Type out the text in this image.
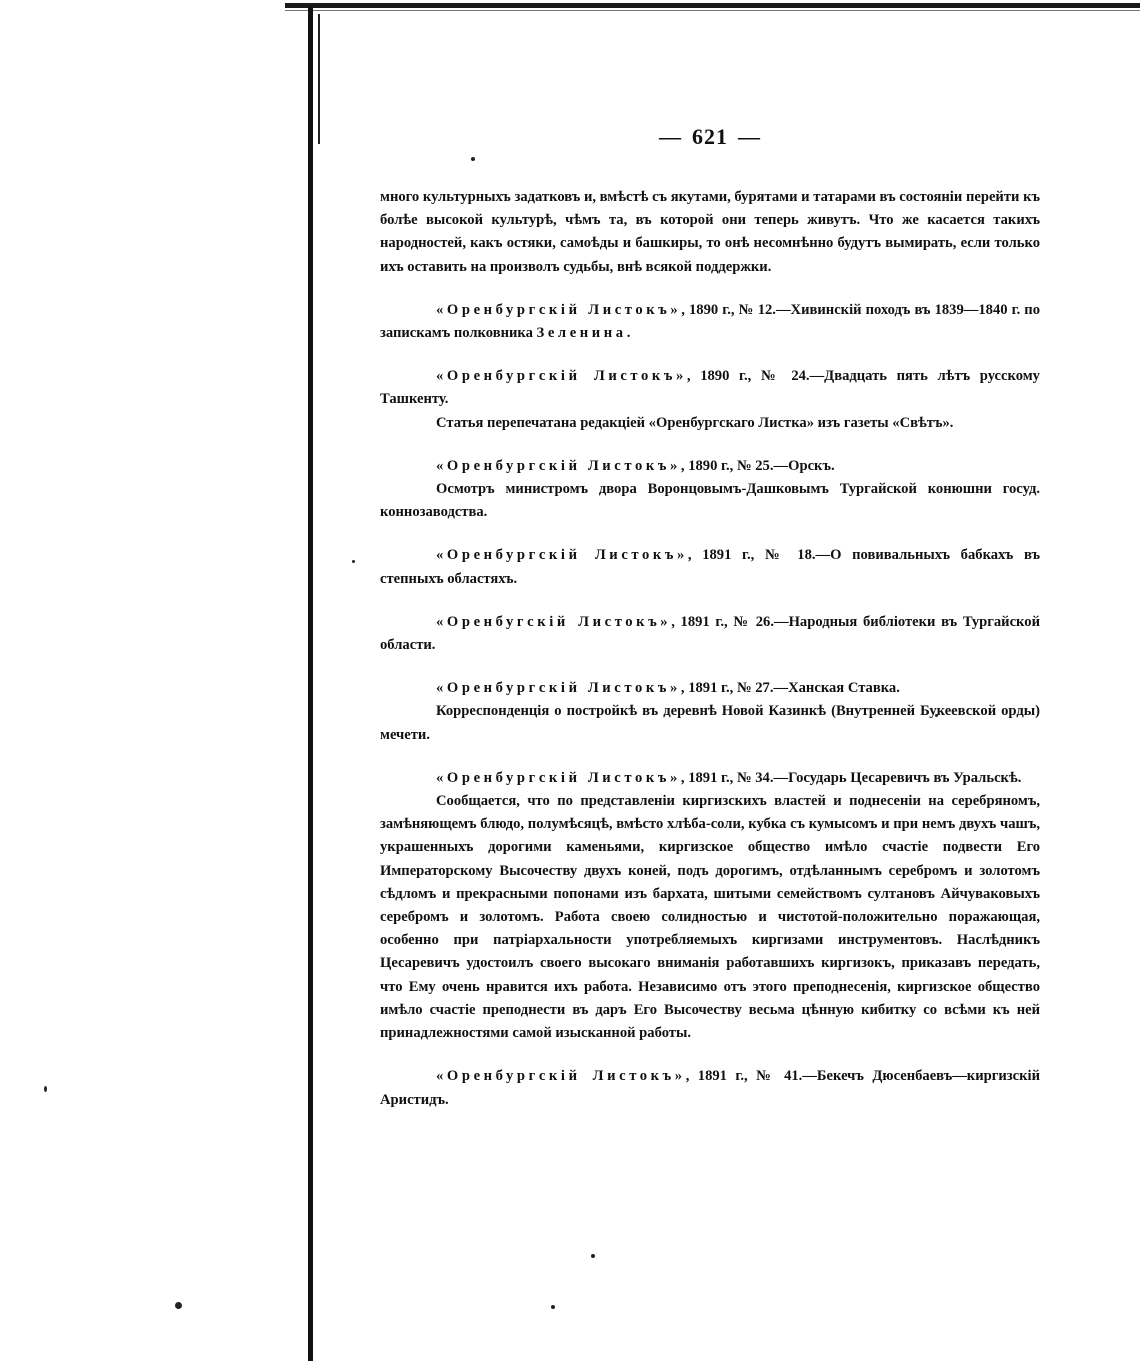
— 621 —

много культурныхъ задатковъ и, вмѣстѣ съ якутами, бурятами и татарами въ состояніи перейти къ болѣе высокой культурѣ, чѣмъ та, въ которой они теперь живутъ. Что же касается такихъ народностей, какъ остяки, самоѣды и башкиры, то онѣ несомнѣнно будутъ вымирать, если только ихъ оставить на произволъ судьбы, внѣ всякой поддержки.

«Оренбургскій Листокъ», 1890 г., № 12.—Хивинскій походъ въ 1839—1840 г. по запискамъ полковника Зеленина.

«Оренбургскій Листокъ», 1890 г., № 24.—Двадцать пять лѣтъ русскому Ташкенту.

Статья перепечатана редакціей «Оренбургскаго Листка» изъ газеты «Свѣтъ».

«Оренбургскій Листокъ», 1890 г., № 25.—Орскъ.

Осмотръ министромъ двора Воронцовымъ-Дашковымъ Тургайской конюшни госуд. коннозаводства.

«Оренбургскій Листокъ», 1891 г., № 18.—О повивальныхъ бабкахъ въ степныхъ областяхъ.

«Оренбугскій Листокъ», 1891 г., № 26.—Народныя библіотеки въ Тургайской области.

«Оренбургскій Листокъ», 1891 г., № 27.—Ханская Ставка.

Корреспонденція о постройкѣ въ деревнѣ Новой Казинкѣ (Внутренней Букеевской орды) мечети.

«Оренбургскій Листокъ», 1891 г., № 34.—Государь Цесаревичъ въ Уральскѣ.

Сообщается, что по представленіи киргизскихъ властей и поднесеніи на серебряномъ, замѣняющемъ блюдо, полумѣсяцѣ, вмѣсто хлѣба-соли, кубка съ кумысомъ и при немъ двухъ чашъ, украшенныхъ дорогими каменьями, киргизское общество имѣло счастіе подвести Его Императорскому Высочеству двухъ коней, подъ дорогимъ, отдѣланнымъ серебромъ и золотомъ сѣдломъ и прекрасными попонами изъ бархата, шитыми семействомъ султановъ Айчуваковыхъ серебромъ и золотомъ. Работа своею солидностью и чистотой-положительно поражающая, особенно при патріархальности употребляемыхъ киргизами инструментовъ. Наслѣдникъ Цесаревичъ удостоилъ своего высокаго вниманія работавшихъ киргизокъ, приказавъ передать, что Ему очень нравится ихъ работа. Независимо отъ этого преподнесенія, киргизское общество имѣло счастіе преподнести въ даръ Его Высочеству весьма цѣнную кибитку со всѣми къ ней принадлежностями самой изысканной работы.

«Оренбургскій Листокъ», 1891 г., № 41.—Бекечъ Дюсенбаевъ—киргизскій Аристидъ.
